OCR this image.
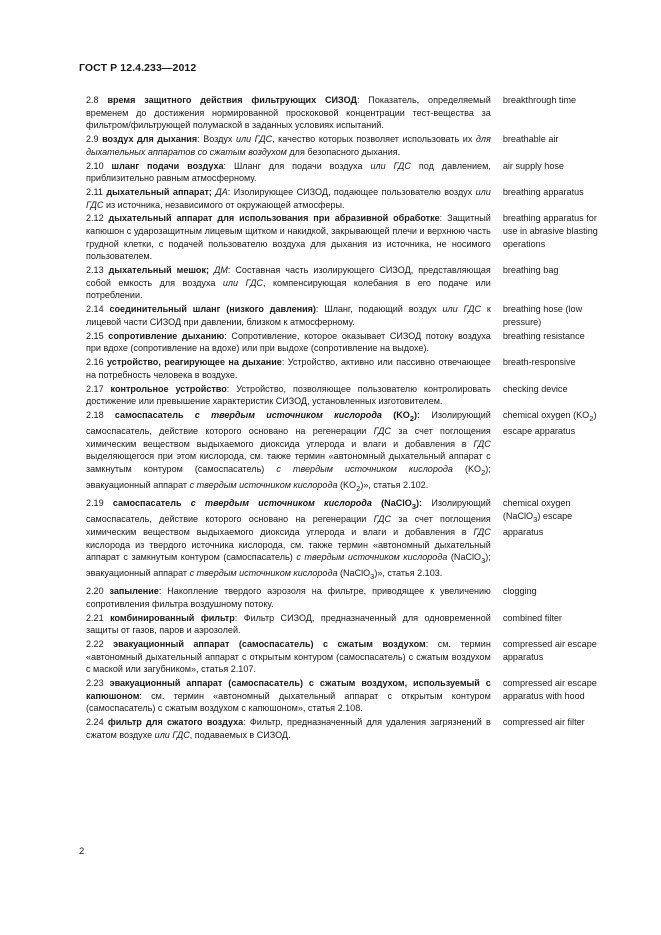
ГОСТ Р 12.4.233—2012
2.8 время защитного действия фильтрующих СИЗОД: Показатель, определяемый временем до достижения нормированной проскоковой концентрации тест-вещества за фильтром/фильтрующей полумаской в заданных условиях испытаний.
breakthrough time
2.9 воздух для дыхания: Воздух или ГДС, качество которых позволяет использовать их для дыхательных аппаратов со сжатым воздухом для безопасного дыхания.
breathable air
2.10 шланг подачи воздуха: Шланг для подачи воздуха или ГДС под давлением, приблизительно равным атмосферному.
air supply hose
2.11 дыхательный аппарат; ДА: Изолирующее СИЗОД, подающее пользователю воздух или ГДС из источника, независимого от окружающей атмосферы.
breathing apparatus
2.12 дыхательный аппарат для использования при абразивной обработке: Защитный капюшон с ударозащитным лицевым щитком и накидкой, закрывающей плечи и верхнюю часть грудной клетки, с подачей пользователю воздуха для дыхания из источника, не носимого пользователем.
breathing apparatus for use in abrasive blasting operations
2.13 дыхательный мешок; ДМ: Составная часть изолирующего СИЗОД, представляющая собой емкость для воздуха или ГДС, компенсирующая колебания в его подаче или потреблении.
breathing bag
2.14 соединительный шланг (низкого давления): Шланг, подающий воздух или ГДС к лицевой части СИЗОД при давлении, близком к атмосферному.
breathing hose (low pressure)
2.15 сопротивление дыханию: Сопротивление, которое оказывает СИЗОД потоку воздуха при вдохе (сопротивление на вдохе) или при выдохе (сопротивление на выдохе).
breathing resistance
2.16 устройство, реагирующее на дыхание: Устройство, активно или пассивно отвечающее на потребность человека в воздухе.
breath-responsive
2.17 контрольное устройство: Устройство, позволяющее пользователю контролировать достижение или превышение характеристик СИЗОД, установленных изготовителем.
checking device
2.18 самоспасатель с твердым источником кислорода $(KO_2)$: Изолирующий самоспасатель, действие которого основано на регенерации ГДС за счет поглощения химическим веществом выдыхаемого диоксида углерода и влаги и добавления в ГДС выделяющегося при этом кислорода, см. также термин «автономный дыхательный аппарат с замкнутым контуром (самоспасатель) с твердым источником кислорода $(KO_2)$; эвакуационный аппарат с твердым источником кислорода $(KO_2)$», статья 2.102.
chemical oxygen $(KO_2)$ escape apparatus
2.19 самоспасатель с твердым источником кислорода (NaClO$_3$): Изолирующий самоспасатель, действие которого основано на регенерации ГДС за счет поглощения химическим веществом выдыхаемого диоксида углерода и влаги и добавления в ГДС кислорода из твердого источника кислорода, см. также термин «автономный дыхательный аппарат с замкнутым контуром (самоспасатель) с твердым источником кислорода (NaClO$_3$); эвакуационный аппарат с твердым источником кислорода (NaClO$_3$)», статья 2.103.
chemical oxygen (NaClO$_3$) escape apparatus
2.20 запыление: Накопление твердого аэрозоля на фильтре, приводящее к увеличению сопротивления фильтра воздушному потоку.
clogging
2.21 комбинированный фильтр: Фильтр СИЗОД, предназначенный для одновременной защиты от газов, паров и аэрозолей.
combined filter
2.22 эвакуационный аппарат (самоспасатель) с сжатым воздухом: см. термин «автономный дыхательный аппарат с открытым контуром (самоспасатель) с сжатым воздухом с маской или загубником», статья 2.107.
compressed air escape apparatus
2.23 эвакуационный аппарат (самоспасатель) с сжатым воздухом, используемый с капюшоном: см. термин «автономный дыхательный аппарат с открытым контуром (самоспасатель) с сжатым воздухом с капюшоном», статья 2.108.
compressed air escape apparatus with hood
2.24 фильтр для сжатого воздуха: Фильтр, предназначенный для удаления загрязнений в сжатом воздухе или ГДС, подаваемых в СИЗОД.
compressed air filter
2
